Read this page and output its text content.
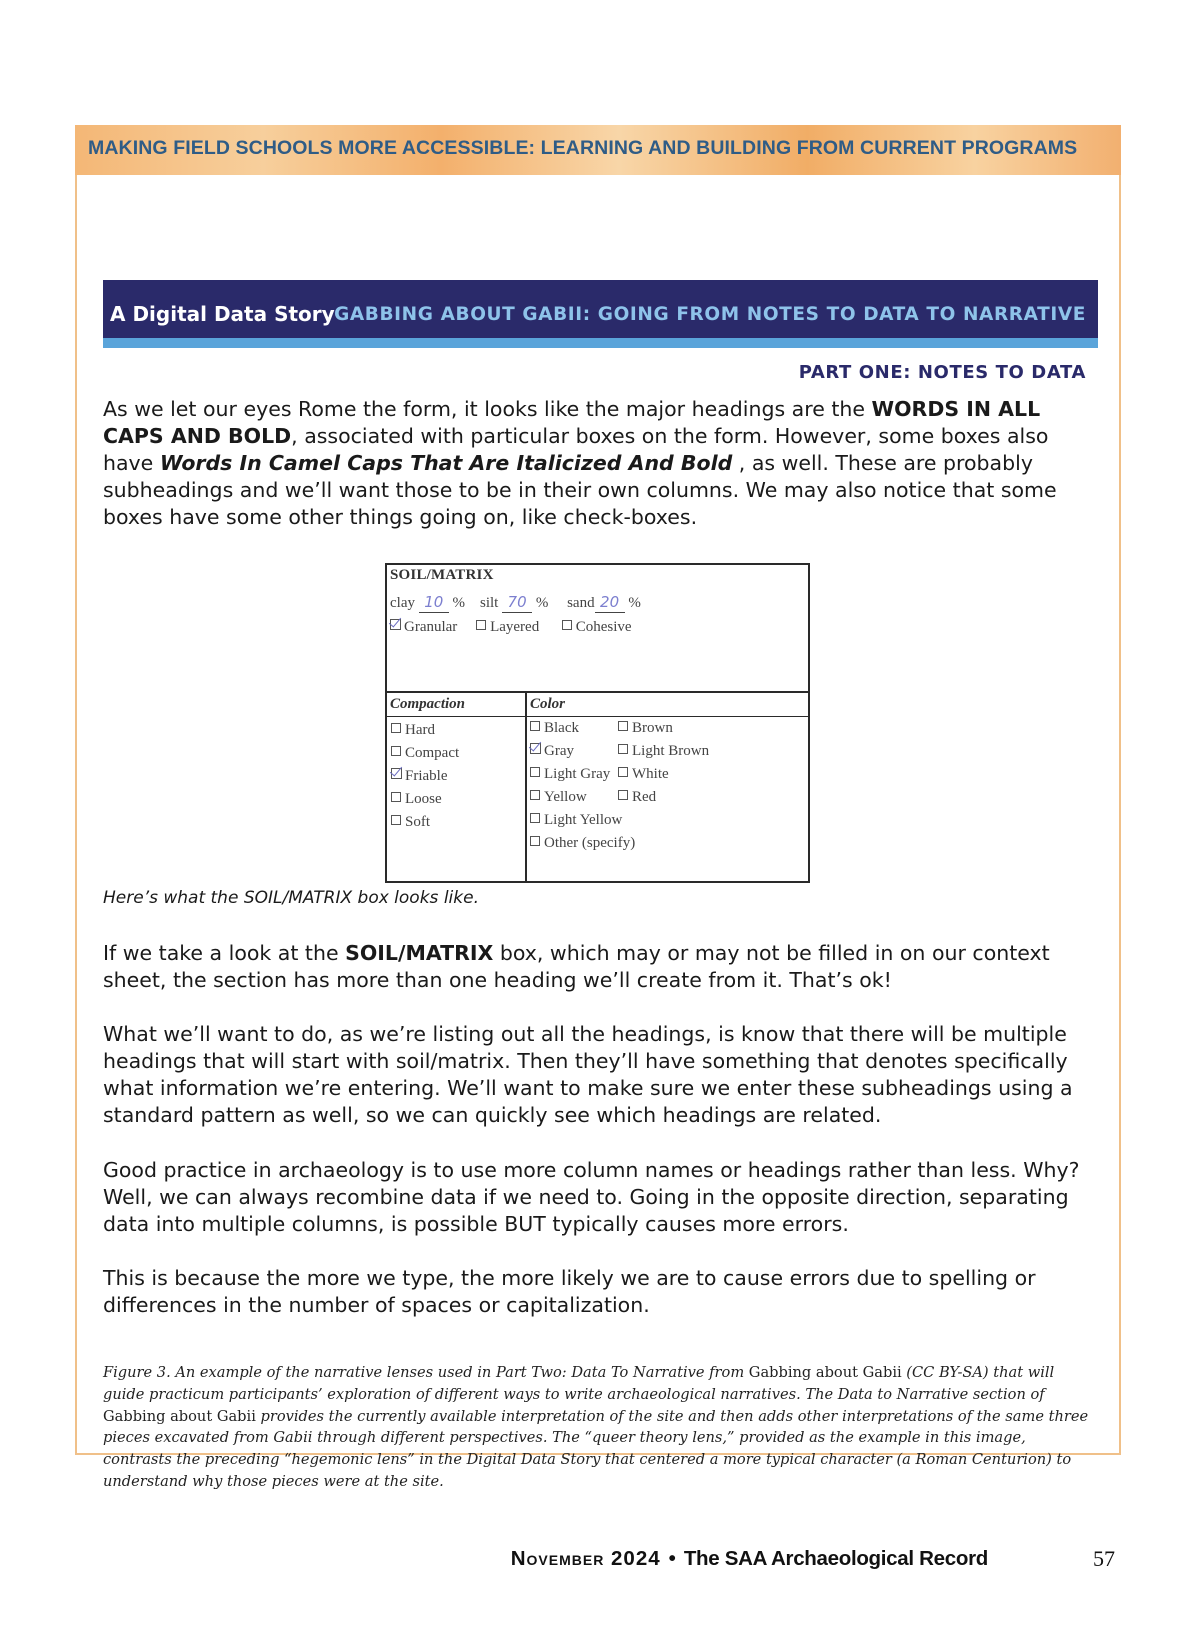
MAKING FIELD SCHOOLS MORE ACCESSIBLE: LEARNING AND BUILDING FROM CURRENT PROGRAMS
A Digital Data Story GABBING ABOUT GABII: GOING FROM NOTES TO DATA TO NARRATIVE
PART ONE: NOTES TO DATA
As we let our eyes Rome the form, it looks like the major headings are the WORDS IN ALL CAPS AND BOLD, associated with particular boxes on the form. However, some boxes also have Words In Camel Caps That Are Italicized And Bold , as well. These are probably subheadings and we’ll want those to be in their own columns. We may also notice that some boxes have some other things going on, like check-boxes.
SOIL/MATRIX
clay 10 % silt 70 % sand 20 %
Granular Layered Cohesive
Compaction	Color
Hard
Compact
Friable
Loose
Soft
Black
Gray
Light Gray
Yellow
Light Yellow
Other (specify)
Brown
Light Brown
White
Red
Here’s what the SOIL/MATRIX box looks like.
If we take a look at the SOIL/MATRIX box, which may or may not be filled in on our context sheet, the section has more than one heading we’ll create from it. That’s ok!
What we’ll want to do, as we’re listing out all the headings, is know that there will be multiple headings that will start with soil/matrix. Then they’ll have something that denotes specifically what information we’re entering. We’ll want to make sure we enter these subheadings using a standard pattern as well, so we can quickly see which headings are related.
Good practice in archaeology is to use more column names or headings rather than less. Why? Well, we can always recombine data if we need to. Going in the opposite direction, separating data into multiple columns, is possible BUT typically causes more errors.
This is because the more we type, the more likely we are to cause errors due to spelling or differences in the number of spaces or capitalization.
Figure 3. An example of the narrative lenses used in Part Two: Data To Narrative from Gabbing about Gabii (CC BY-SA) that will guide practicum participants’ exploration of different ways to write archaeological narratives. The Data to Narrative section of Gabbing about Gabii provides the currently available interpretation of the site and then adds other interpretations of the same three pieces excavated from Gabii through different perspectives. The “queer theory lens,” provided as the example in this image, contrasts the preceding “hegemonic lens” in the Digital Data Story that centered a more typical character (a Roman Centurion) to understand why those pieces were at the site.
November 2024 • The SAA Archaeological Record	57
